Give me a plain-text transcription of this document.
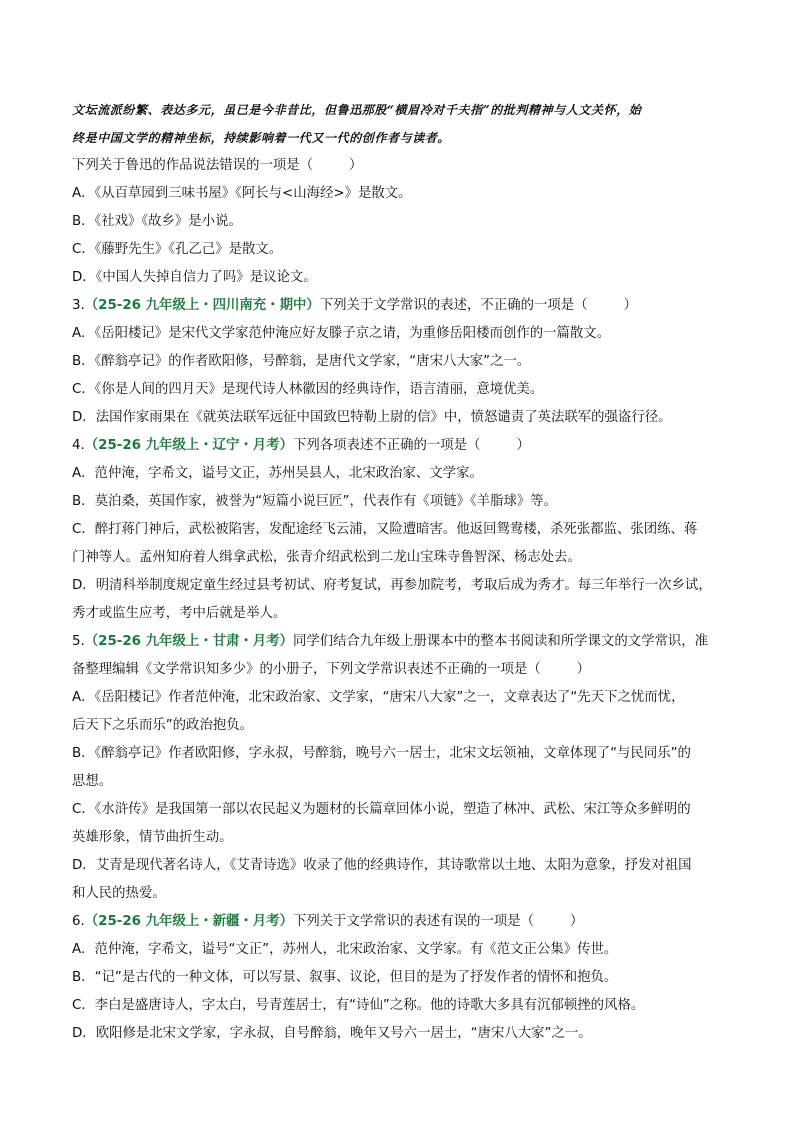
文坛流派纷繁、表达多元，虽已是今非昔比，但鲁迅那股“横眉冷对千夫指”的批判精神与人文关怀，始

终是中国文学的精神坐标，持续影响着一代又一代的创作者与读者。

下列关于鲁迅的作品说法错误的一项是（	）

A．《从百草园到三味书屋》《阿长与<山海经>》是散文。

B．《社戏》《故乡》是小说。

C．《藤野先生》《孔乙己》是散文。

D．《中国人失掉自信力了吗》是议论文。

3.（25-26 九年级上・四川南充・期中）下列关于文学常识的表述，不正确的一项是（	）

A．《岳阳楼记》是宋代文学家范仲淹应好友滕子京之请，为重修岳阳楼而创作的一篇散文。

B．《醉翁亭记》的作者欧阳修，号醉翁，是唐代文学家，“唐宋八大家”之一。

C．《你是人间的四月天》是现代诗人林徽因的经典诗作，语言清丽，意境优美。

D．法国作家雨果在《就英法联军远征中国致巴特勒上尉的信》中，愤怒谴责了英法联军的强盗行径。

4.（25-26 九年级上・辽宁・月考）下列各项表述不正确的一项是（	）

A．范仲淹，字希文，谥号文正，苏州吴县人，北宋政治家、文学家。

B．莫泊桑，英国作家，被誉为“短篇小说巨匠”，代表作有《项链》《羊脂球》等。

C．醉打蒋门神后，武松被陷害，发配途经飞云浦，又险遭暗害。他返回鸳鸯楼，杀死张都监、张团练、蒋

门神等人。孟州知府着人缉拿武松，张青介绍武松到二龙山宝珠寺鲁智深、杨志处去。

D．明清科举制度规定童生经过县考初试、府考复试，再参加院考，考取后成为秀才。每三年举行一次乡试，

秀才或监生应考，考中后就是举人。

5.（25-26 九年级上・甘肃・月考）同学们结合九年级上册课本中的整本书阅读和所学课文的文学常识，准

备整理编辑《文学常识知多少》的小册子，下列文学常识表述不正确的一项是（	）

A．《岳阳楼记》作者范仲淹，北宋政治家、文学家，“唐宋八大家”之一，文章表达了“先天下之忧而忧，

后天下之乐而乐”的政治抱负。

B．《醉翁亭记》作者欧阳修，字永叔，号醉翁，晚号六一居士，北宋文坛领袖，文章体现了“与民同乐”的

思想。

C．《水浒传》是我国第一部以农民起义为题材的长篇章回体小说，塑造了林冲、武松、宋江等众多鲜明的

英雄形象，情节曲折生动。

D．艾青是现代著名诗人，《艾青诗选》收录了他的经典诗作，其诗歌常以土地、太阳为意象，抒发对祖国

和人民的热爱。

6.（25-26 九年级上・新疆・月考）下列关于文学常识的表述有误的一项是（	）

A．范仲淹，字希文，谥号“文正”，苏州人，北宋政治家、文学家。有《范文正公集》传世。

B．“记”是古代的一种文体，可以写景、叙事、议论，但目的是为了抒发作者的情怀和抱负。

C．李白是盛唐诗人，字太白，号青莲居士，有“诗仙”之称。他的诗歌大多具有沉郁顿挫的风格。

D．欧阳修是北宋文学家，字永叔，自号醉翁，晚年又号六一居士，“唐宋八大家”之一。
